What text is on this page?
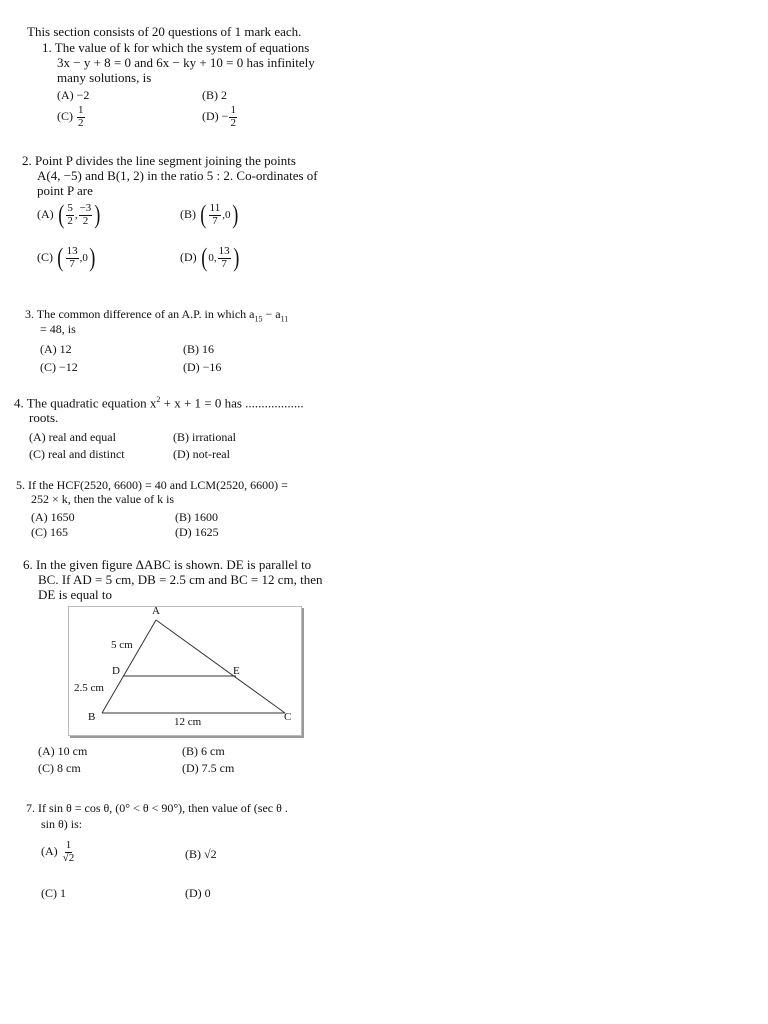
This section consists of 20 questions of 1 mark each.
1. The value of k for which the system of equations
3x − y + 8 = 0 and 6x − ky + 10 = 0 has infinitely
many solutions, is
(A) −2	(B) 2
$(C) \frac{1}{2}$	$(D) - \frac{1}{2}$
2. Point P divides the line segment joining the points
A(4, −5) and B(1, 2) in the ratio 5 : 2. Co-ordinates of
point P are
(A) ( $\frac{5}{2}$ , $\frac{-3}{2}$ )	(B) ( $\frac{11}{7} ,0$ )
(C) ( $\frac{13}{7} ,0$ )	(D) ( 0, $\frac{13}{7}$ )
3. The common difference of an A.P. in which $a_{15} - a_{11}$
= 48, is
(A) 12	(B) 16
(C) −12	(D) −16
4. The quadratic equation $x^2 + x + 1 = 0$ has ..................
roots.
(A) real and equal	(B) irrational
(C) real and distinct	(D) not-real
5. If the HCF(2520, 6600) = 40 and LCM(2520, 6600) =
252 × k, then the value of k is
(A) 1650	(B) 1600
(C) 165	(D) 1625
6. In the given figure ΔABC is shown. DE is parallel to
BC. If AD = 5 cm, DB = 2.5 cm and BC = 12 cm, then
DE is equal to
A
B	C
D	E
5 cm
2.5 cm
12 cm
(A) 10 cm	(B) 6 cm
(C) 8 cm	(D) 7.5 cm
7. If sin θ = cos θ, (0° < θ < 90°), then value of (sec θ .
sin θ) is:
$(A) \frac{1}{√2}$	(B) √2
(C) 1	(D) 0
